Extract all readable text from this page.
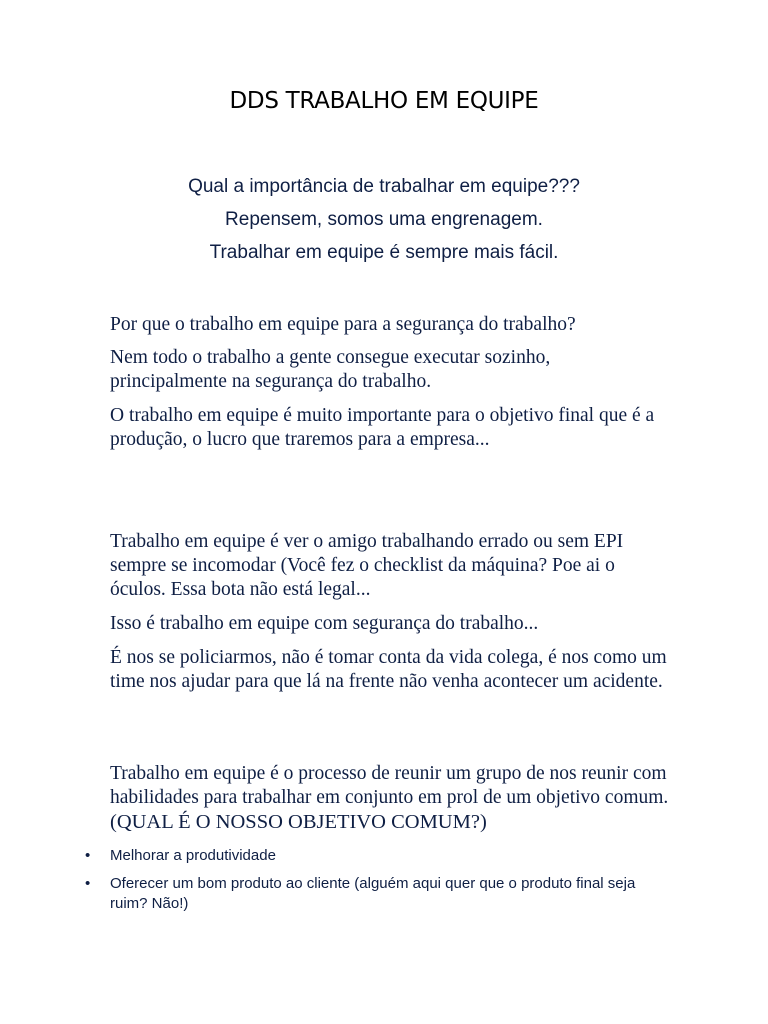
DDS TRABALHO EM EQUIPE
Qual a importância de trabalhar em equipe???
Repensem, somos uma engrenagem.
Trabalhar em equipe é sempre mais fácil.

Por que o trabalho em equipe para a segurança do trabalho?

Nem todo o trabalho a gente consegue executar sozinho, principalmente na segurança do trabalho.

O trabalho em equipe é muito importante para o objetivo final que é a produção, o lucro que traremos para a empresa...

Trabalho em equipe é ver o amigo trabalhando errado ou sem EPI sempre se incomodar (Você fez o checklist da máquina? Poe ai o óculos. Essa bota não está legal...

Isso é trabalho em equipe com segurança do trabalho...

É nos se policiarmos, não é tomar conta da vida colega, é nos como um time nos ajudar para que lá na frente não venha acontecer um acidente.

Trabalho em equipe é o processo de reunir um grupo de nos reunir com habilidades para trabalhar em conjunto em prol de um objetivo comum. (QUAL É O NOSSO OBJETIVO COMUM?)

• Melhorar a produtividade
• Oferecer um bom produto ao cliente (alguém aqui quer que o produto final seja ruim? Não!)
